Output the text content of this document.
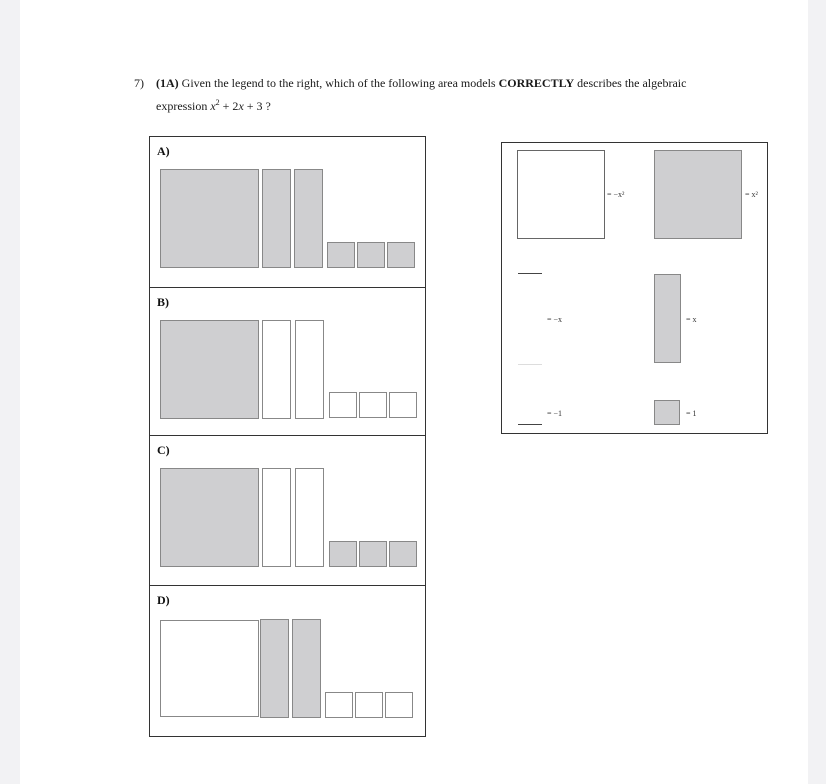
7) (1A) Given the legend to the right, which of the following area models CORRECTLY describes the algebraic
expression $x^2 + 2x + 3$ ?
A)
B)
C)
D)
= −x²	= x²
= −x	= x
= −1	= 1
